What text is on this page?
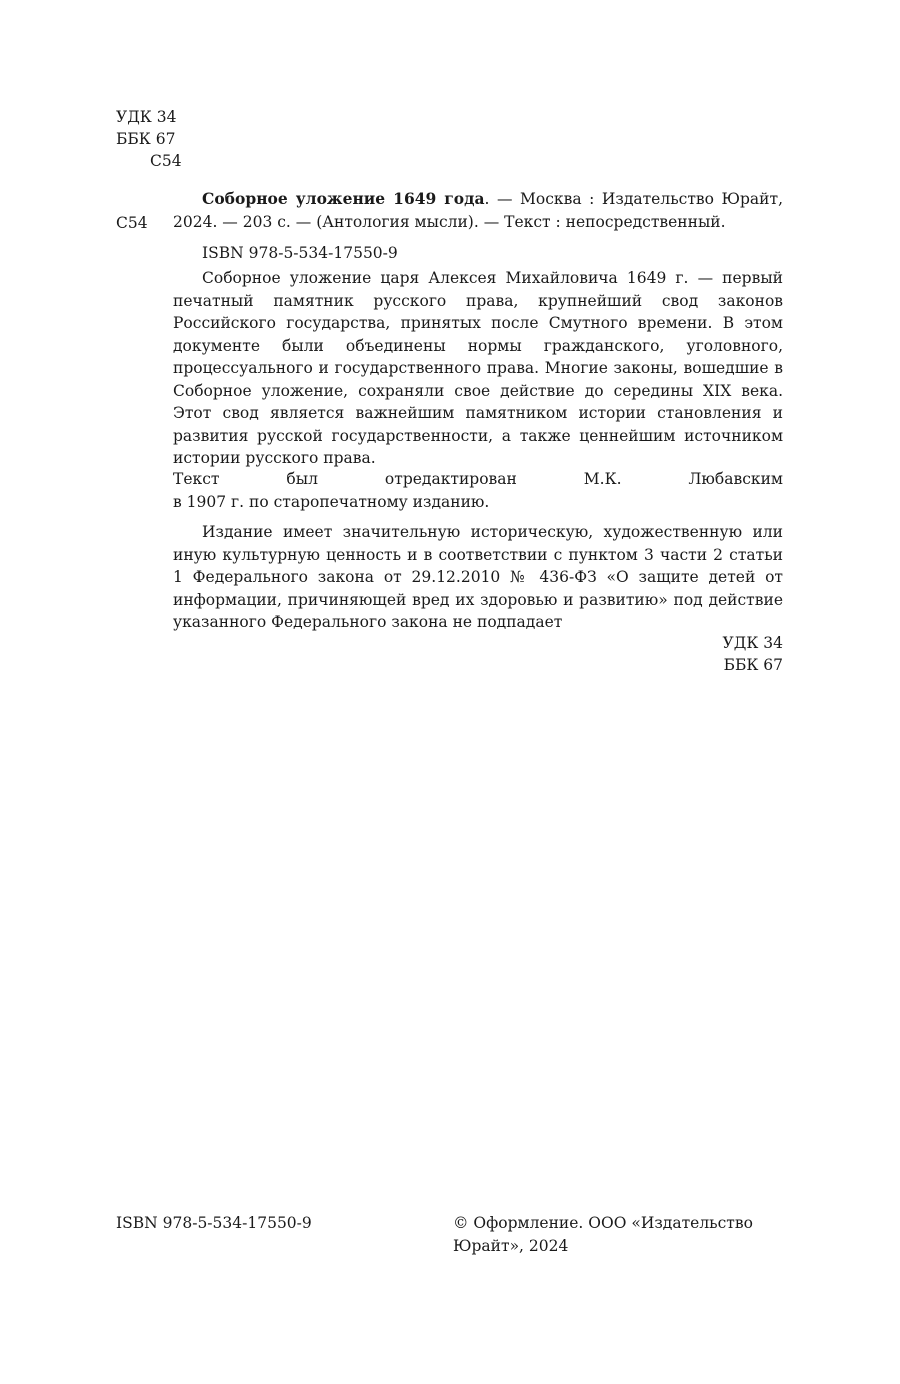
УДК 34
ББК 67
С54
С54

Соборное уложение 1649 года. — Москва : Издательство Юрайт, 2024. — 203 с. — (Антология мысли). — Текст : непосредственный.

ISBN 978-5-534-17550-9

Соборное уложение царя Алексея Михайловича 1649 г. — первый печатный памятник русского права, крупнейший свод законов Российского государства, принятых после Смутного времени. В этом документе были объединены нормы гражданского, уголовного, процессуального и государственного права. Многие законы, вошедшие в Соборное уложение, сохраняли свое действие до середины XIX века. Этот свод является важнейшим памятником истории становления и развития русской государственности, а также ценнейшим источником истории русского права.

Текст был отредактирован М.К. Любавским
в 1907 г. по старопечатному изданию.

Издание имеет значительную историческую, художественную или иную культурную ценность и в соответствии с пунктом 3 части 2 статьи 1 Федерального закона от 29.12.2010 № 436-ФЗ «О защите детей от информации, причиняющей вред их здоровью и развитию» под действие указанного Федерального закона не подпадает

УДК 34
ББК 67
ISBN 978-5-534-17550-9	© Оформление. ООО «Издательство Юрайт», 2024
